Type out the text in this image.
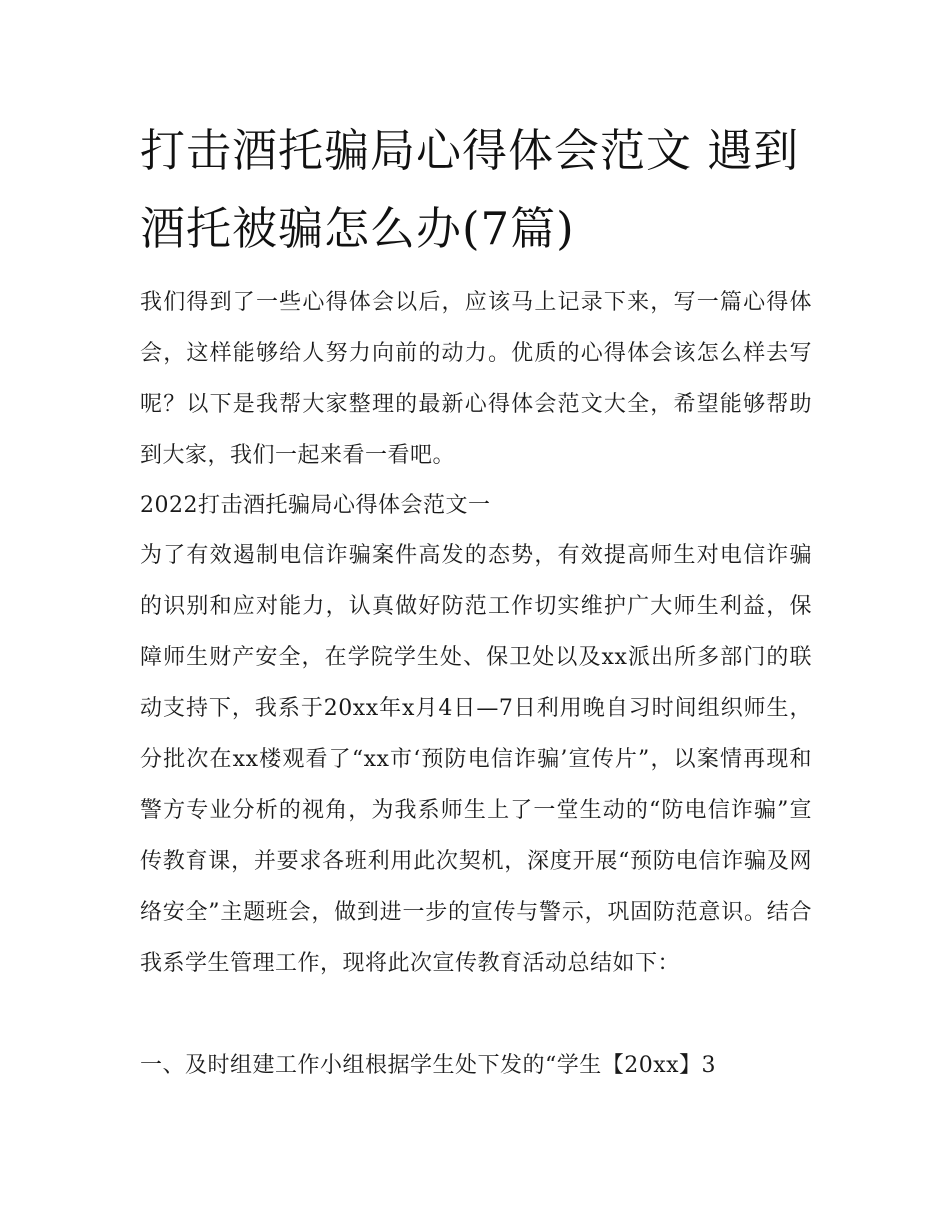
打击酒托骗局心得体会范文 遇到酒托被骗怎么办(7篇)

我们得到了一些心得体会以后，应该马上记录下来，写一篇心得体会，这样能够给人努力向前的动力。优质的心得体会该怎么样去写呢？以下是我帮大家整理的最新心得体会范文大全，希望能够帮助到大家，我们一起来看一看吧。

2022打击酒托骗局心得体会范文一

为了有效遏制电信诈骗案件高发的态势，有效提高师生对电信诈骗的识别和应对能力，认真做好防范工作切实维护广大师生利益，保障师生财产安全，在学院学生处、保卫处以及xx派出所多部门的联动支持下，我系于20xx年x月4日—7日利用晚自习时间组织师生，分批次在xx楼观看了“xx市‘预防电信诈骗’宣传片”，以案情再现和警方专业分析的视角，为我系师生上了一堂生动的“防电信诈骗”宣传教育课，并要求各班利用此次契机，深度开展“预防电信诈骗及网络安全”主题班会，做到进一步的宣传与警示，巩固防范意识。结合我系学生管理工作，现将此次宣传教育活动总结如下：

一、及时组建工作小组根据学生处下发的“学生【20xx】3
